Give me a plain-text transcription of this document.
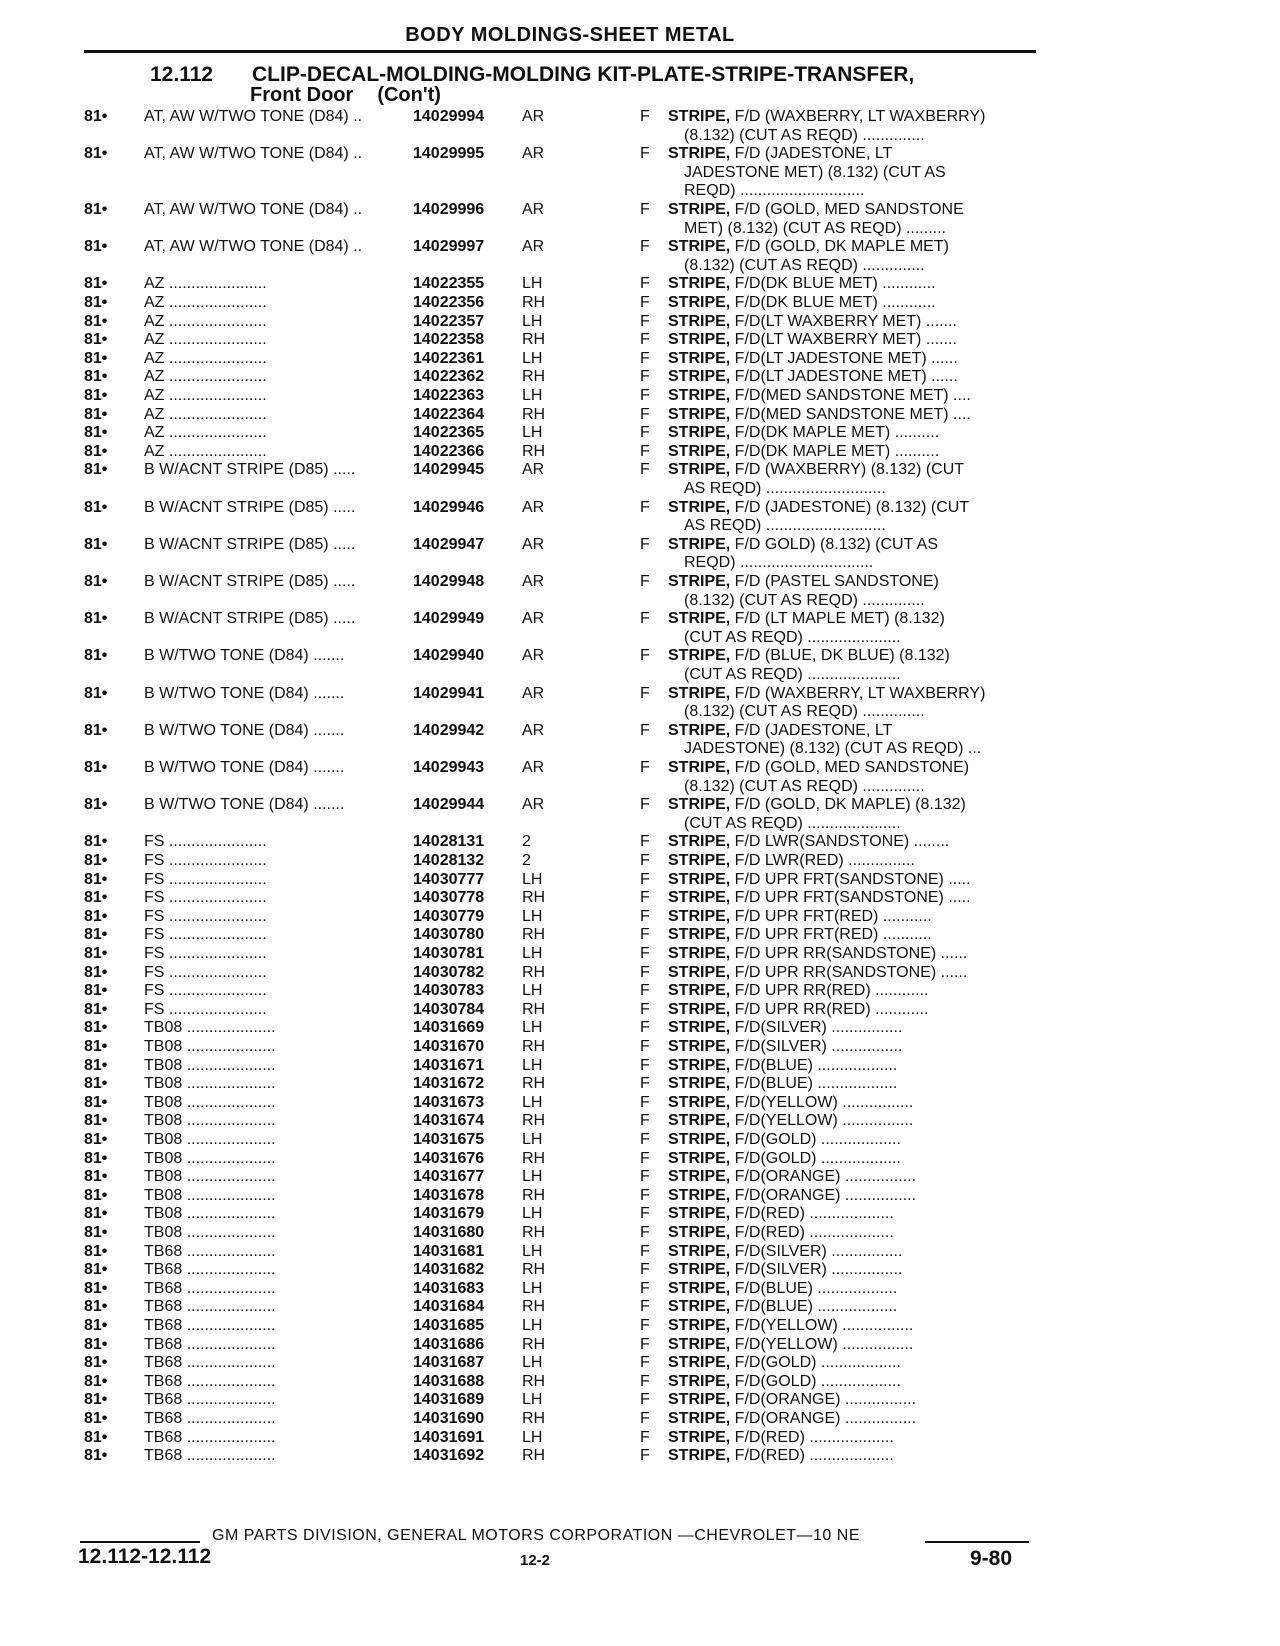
BODY MOLDINGS-SHEET METAL
12.112 CLIP-DECAL-MOLDING-MOLDING KIT-PLATE-STRIPE-TRANSFER,
Front Door (Con't)
81•	AT, AW W/TWO TONE (D84) ..	14029994	AR	F	STRIPE, F/D (WAXBERRY, LT WAXBERRY)
(8.132) (CUT AS REQD) ..............
81•	AT, AW W/TWO TONE (D84) ..	14029995	AR	F	STRIPE, F/D (JADESTONE, LT
JADESTONE MET) (8.132) (CUT AS
REQD) ............................
81•	AT, AW W/TWO TONE (D84) ..	14029996	AR	F	STRIPE, F/D (GOLD, MED SANDSTONE
MET) (8.132) (CUT AS REQD) .........
81•	AT, AW W/TWO TONE (D84) ..	14029997	AR	F	STRIPE, F/D (GOLD, DK MAPLE MET)
(8.132) (CUT AS REQD) ..............
81•	AZ ......................	14022355	LH	F	STRIPE, F/D(DK BLUE MET) ............
81•	AZ ......................	14022356	RH	F	STRIPE, F/D(DK BLUE MET) ............
81•	AZ ......................	14022357	LH	F	STRIPE, F/D(LT WAXBERRY MET) .......
81•	AZ ......................	14022358	RH	F	STRIPE, F/D(LT WAXBERRY MET) .......
81•	AZ ......................	14022361	LH	F	STRIPE, F/D(LT JADESTONE MET) ......
81•	AZ ......................	14022362	RH	F	STRIPE, F/D(LT JADESTONE MET) ......
81•	AZ ......................	14022363	LH	F	STRIPE, F/D(MED SANDSTONE MET) ....
81•	AZ ......................	14022364	RH	F	STRIPE, F/D(MED SANDSTONE MET) ....
81•	AZ ......................	14022365	LH	F	STRIPE, F/D(DK MAPLE MET) ..........
81•	AZ ......................	14022366	RH	F	STRIPE, F/D(DK MAPLE MET) ..........
81•	B W/ACNT STRIPE (D85) .....	14029945	AR	F	STRIPE, F/D (WAXBERRY) (8.132) (CUT
AS REQD) ...........................
81•	B W/ACNT STRIPE (D85) .....	14029946	AR	F	STRIPE, F/D (JADESTONE) (8.132) (CUT
AS REQD) ...........................
81•	B W/ACNT STRIPE (D85) .....	14029947	AR	F	STRIPE, F/D GOLD) (8.132) (CUT AS
REQD) ..............................
81•	B W/ACNT STRIPE (D85) .....	14029948	AR	F	STRIPE, F/D (PASTEL SANDSTONE)
(8.132) (CUT AS REQD) ..............
81•	B W/ACNT STRIPE (D85) .....	14029949	AR	F	STRIPE, F/D (LT MAPLE MET) (8.132)
(CUT AS REQD) .....................
81•	B W/TWO TONE (D84) .......	14029940	AR	F	STRIPE, F/D (BLUE, DK BLUE) (8.132)
(CUT AS REQD) .....................
81•	B W/TWO TONE (D84) .......	14029941	AR	F	STRIPE, F/D (WAXBERRY, LT WAXBERRY)
(8.132) (CUT AS REQD) ..............
81•	B W/TWO TONE (D84) .......	14029942	AR	F	STRIPE, F/D (JADESTONE, LT
JADESTONE) (8.132) (CUT AS REQD) ...
81•	B W/TWO TONE (D84) .......	14029943	AR	F	STRIPE, F/D (GOLD, MED SANDSTONE)
(8.132) (CUT AS REQD) ..............
81•	B W/TWO TONE (D84) .......	14029944	AR	F	STRIPE, F/D (GOLD, DK MAPLE) (8.132)
(CUT AS REQD) .....................
81•	FS ......................	14028131	2	F	STRIPE, F/D LWR(SANDSTONE) ........
81•	FS ......................	14028132	2	F	STRIPE, F/D LWR(RED) ...............
81•	FS ......................	14030777	LH	F	STRIPE, F/D UPR FRT(SANDSTONE) .....
81•	FS ......................	14030778	RH	F	STRIPE, F/D UPR FRT(SANDSTONE) .....
81•	FS ......................	14030779	LH	F	STRIPE, F/D UPR FRT(RED) ...........
81•	FS ......................	14030780	RH	F	STRIPE, F/D UPR FRT(RED) ...........
81•	FS ......................	14030781	LH	F	STRIPE, F/D UPR RR(SANDSTONE) ......
81•	FS ......................	14030782	RH	F	STRIPE, F/D UPR RR(SANDSTONE) ......
81•	FS ......................	14030783	LH	F	STRIPE, F/D UPR RR(RED) ............
81•	FS ......................	14030784	RH	F	STRIPE, F/D UPR RR(RED) ............
81•	TB08 ....................	14031669	LH	F	STRIPE, F/D(SILVER) ................
81•	TB08 ....................	14031670	RH	F	STRIPE, F/D(SILVER) ................
81•	TB08 ....................	14031671	LH	F	STRIPE, F/D(BLUE) ..................
81•	TB08 ....................	14031672	RH	F	STRIPE, F/D(BLUE) ..................
81•	TB08 ....................	14031673	LH	F	STRIPE, F/D(YELLOW) ................
81•	TB08 ....................	14031674	RH	F	STRIPE, F/D(YELLOW) ................
81•	TB08 ....................	14031675	LH	F	STRIPE, F/D(GOLD) ..................
81•	TB08 ....................	14031676	RH	F	STRIPE, F/D(GOLD) ..................
81•	TB08 ....................	14031677	LH	F	STRIPE, F/D(ORANGE) ................
81•	TB08 ....................	14031678	RH	F	STRIPE, F/D(ORANGE) ................
81•	TB08 ....................	14031679	LH	F	STRIPE, F/D(RED) ...................
81•	TB08 ....................	14031680	RH	F	STRIPE, F/D(RED) ...................
81•	TB68 ....................	14031681	LH	F	STRIPE, F/D(SILVER) ................
81•	TB68 ....................	14031682	RH	F	STRIPE, F/D(SILVER) ................
81•	TB68 ....................	14031683	LH	F	STRIPE, F/D(BLUE) ..................
81•	TB68 ....................	14031684	RH	F	STRIPE, F/D(BLUE) ..................
81•	TB68 ....................	14031685	LH	F	STRIPE, F/D(YELLOW) ................
81•	TB68 ....................	14031686	RH	F	STRIPE, F/D(YELLOW) ................
81•	TB68 ....................	14031687	LH	F	STRIPE, F/D(GOLD) ..................
81•	TB68 ....................	14031688	RH	F	STRIPE, F/D(GOLD) ..................
81•	TB68 ....................	14031689	LH	F	STRIPE, F/D(ORANGE) ................
81•	TB68 ....................	14031690	RH	F	STRIPE, F/D(ORANGE) ................
81•	TB68 ....................	14031691	LH	F	STRIPE, F/D(RED) ...................
81•	TB68 ....................	14031692	RH	F	STRIPE, F/D(RED) ...................
GM PARTS DIVISION, GENERAL MOTORS CORPORATION —CHEVROLET—10 NE
12.112-12.112	12-2	9-80
